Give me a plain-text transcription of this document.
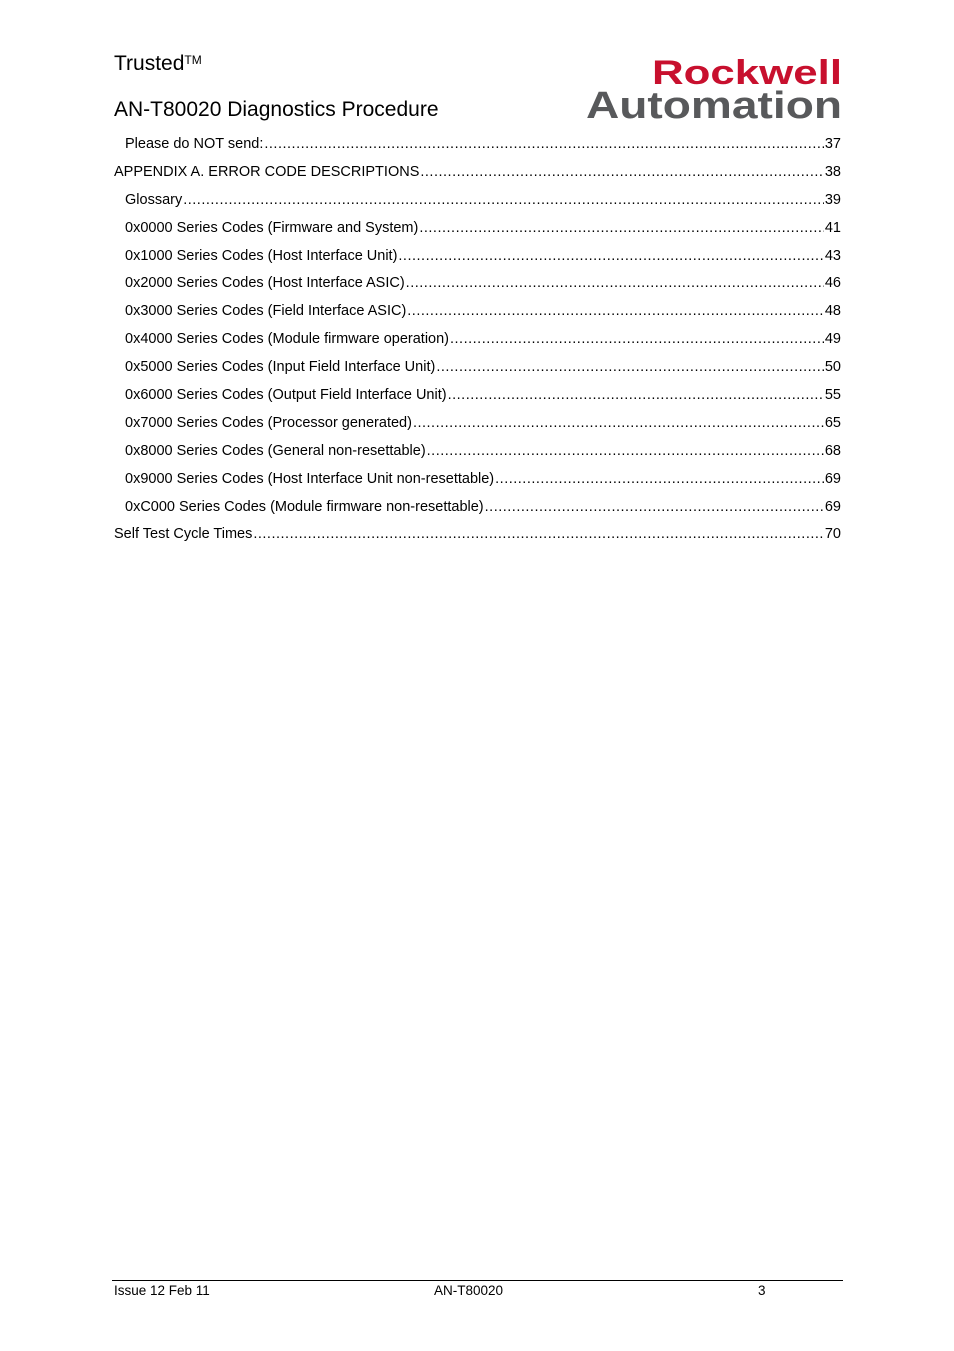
Trusted™
AN-T80020 Diagnostics Procedure
Rockwell
Automation
Please do NOT send: .....	37
APPENDIX A. ERROR CODE DESCRIPTIONS .....	38
Glossary .....	39
0x0000 Series Codes (Firmware and System) .....	41
0x1000 Series Codes (Host Interface Unit) .....	43
0x2000 Series Codes (Host Interface ASIC) .....	46
0x3000 Series Codes (Field Interface ASIC) .....	48
0x4000 Series Codes (Module firmware operation) .....	49
0x5000 Series Codes (Input Field Interface Unit) .....	50
0x6000 Series Codes (Output Field Interface Unit) .....	55
0x7000 Series Codes (Processor generated) .....	65
0x8000 Series Codes (General non-resettable) .....	68
0x9000 Series Codes (Host Interface Unit non-resettable) .....	69
0xC000 Series Codes (Module firmware non-resettable) .....	69
Self Test Cycle Times .....	70
Issue 12 Feb 11	AN-T80020	3
